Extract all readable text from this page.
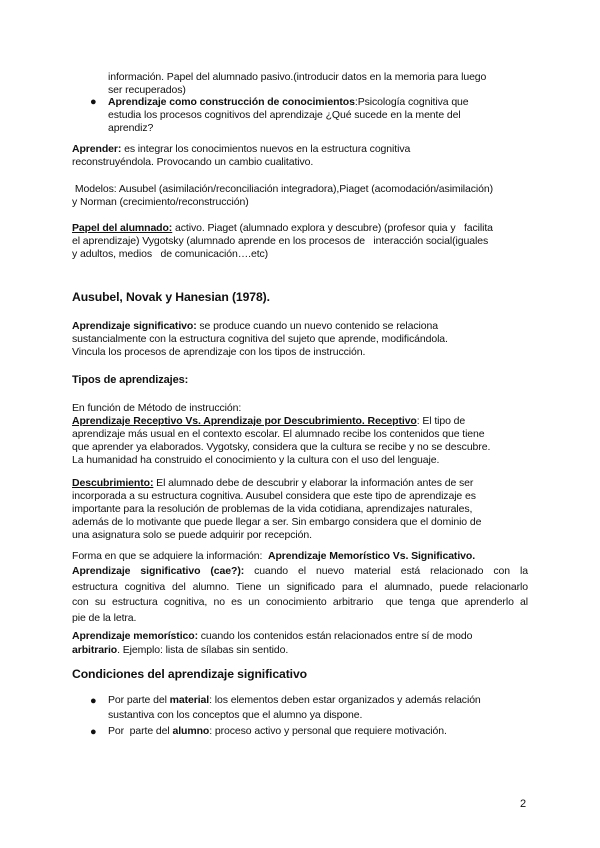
información. Papel del alumnado pasivo.(introducir datos en la memoria para luego
ser recuperados)
● Aprendizaje como construcción de conocimientos:Psicología cognitiva que
estudia los procesos cognitivos del aprendizaje ¿Qué sucede en la mente del
aprendiz?
Aprender: es integrar los conocimientos nuevos en la estructura cognitiva
reconstruyéndola. Provocando un cambio cualitativo.
Modelos: Ausubel (asimilación/reconciliación integradora),Piaget (acomodación/asimilación)
y Norman (crecimiento/reconstrucción)
Papel del alumnado: activo. Piaget (alumnado explora y descubre) (profesor quia y   facilita
el aprendizaje) Vygotsky (alumnado aprende en los procesos de   interacción social(iguales
y adultos, medios   de comunicación….etc)
Ausubel, Novak y Hanesian (1978).
Aprendizaje significativo: se produce cuando un nuevo contenido se relaciona
sustancialmente con la estructura cognitiva del sujeto que aprende, modificándola.
Vincula los procesos de aprendizaje con los tipos de instrucción.
Tipos de aprendizajes:
En función de Método de instrucción:
Aprendizaje Receptivo Vs. Aprendizaje por Descubrimiento. Receptivo: El tipo de
aprendizaje más usual en el contexto escolar. El alumnado recibe los contenidos que tiene
que aprender ya elaborados. Vygotsky, considera que la cultura se recibe y no se descubre.
La humanidad ha construido el conocimiento y la cultura con el uso del lenguaje.
Descubrimiento: El alumnado debe de descubrir y elaborar la información antes de ser
incorporada a su estructura cognitiva. Ausubel considera que este tipo de aprendizaje es
importante para la resolución de problemas de la vida cotidiana, aprendizajes naturales,
además de lo motivante que puede llegar a ser. Sin embargo considera que el dominio de
una asignatura solo se puede adquirir por recepción.
Forma en que se adquiere la información:  Aprendizaje Memorístico Vs. Significativo.
Aprendizaje significativo (cae?): cuando el nuevo material está relacionado con la
estructura cognitiva del alumno. Tiene un significado para el alumnado, puede relacionarlo
con su estructura cognitiva, no es un conocimiento arbitrario  que tenga que aprenderlo al
pie de la letra.
Aprendizaje memorístico: cuando los contenidos están relacionados entre sí de modo
arbitrario. Ejemplo: lista de sílabas sin sentido.
Condiciones del aprendizaje significativo
● Por parte del material: los elementos deben estar organizados y además relación
sustantiva con los conceptos que el alumno ya dispone.
● Por  parte del alumno: proceso activo y personal que requiere motivación.
2
